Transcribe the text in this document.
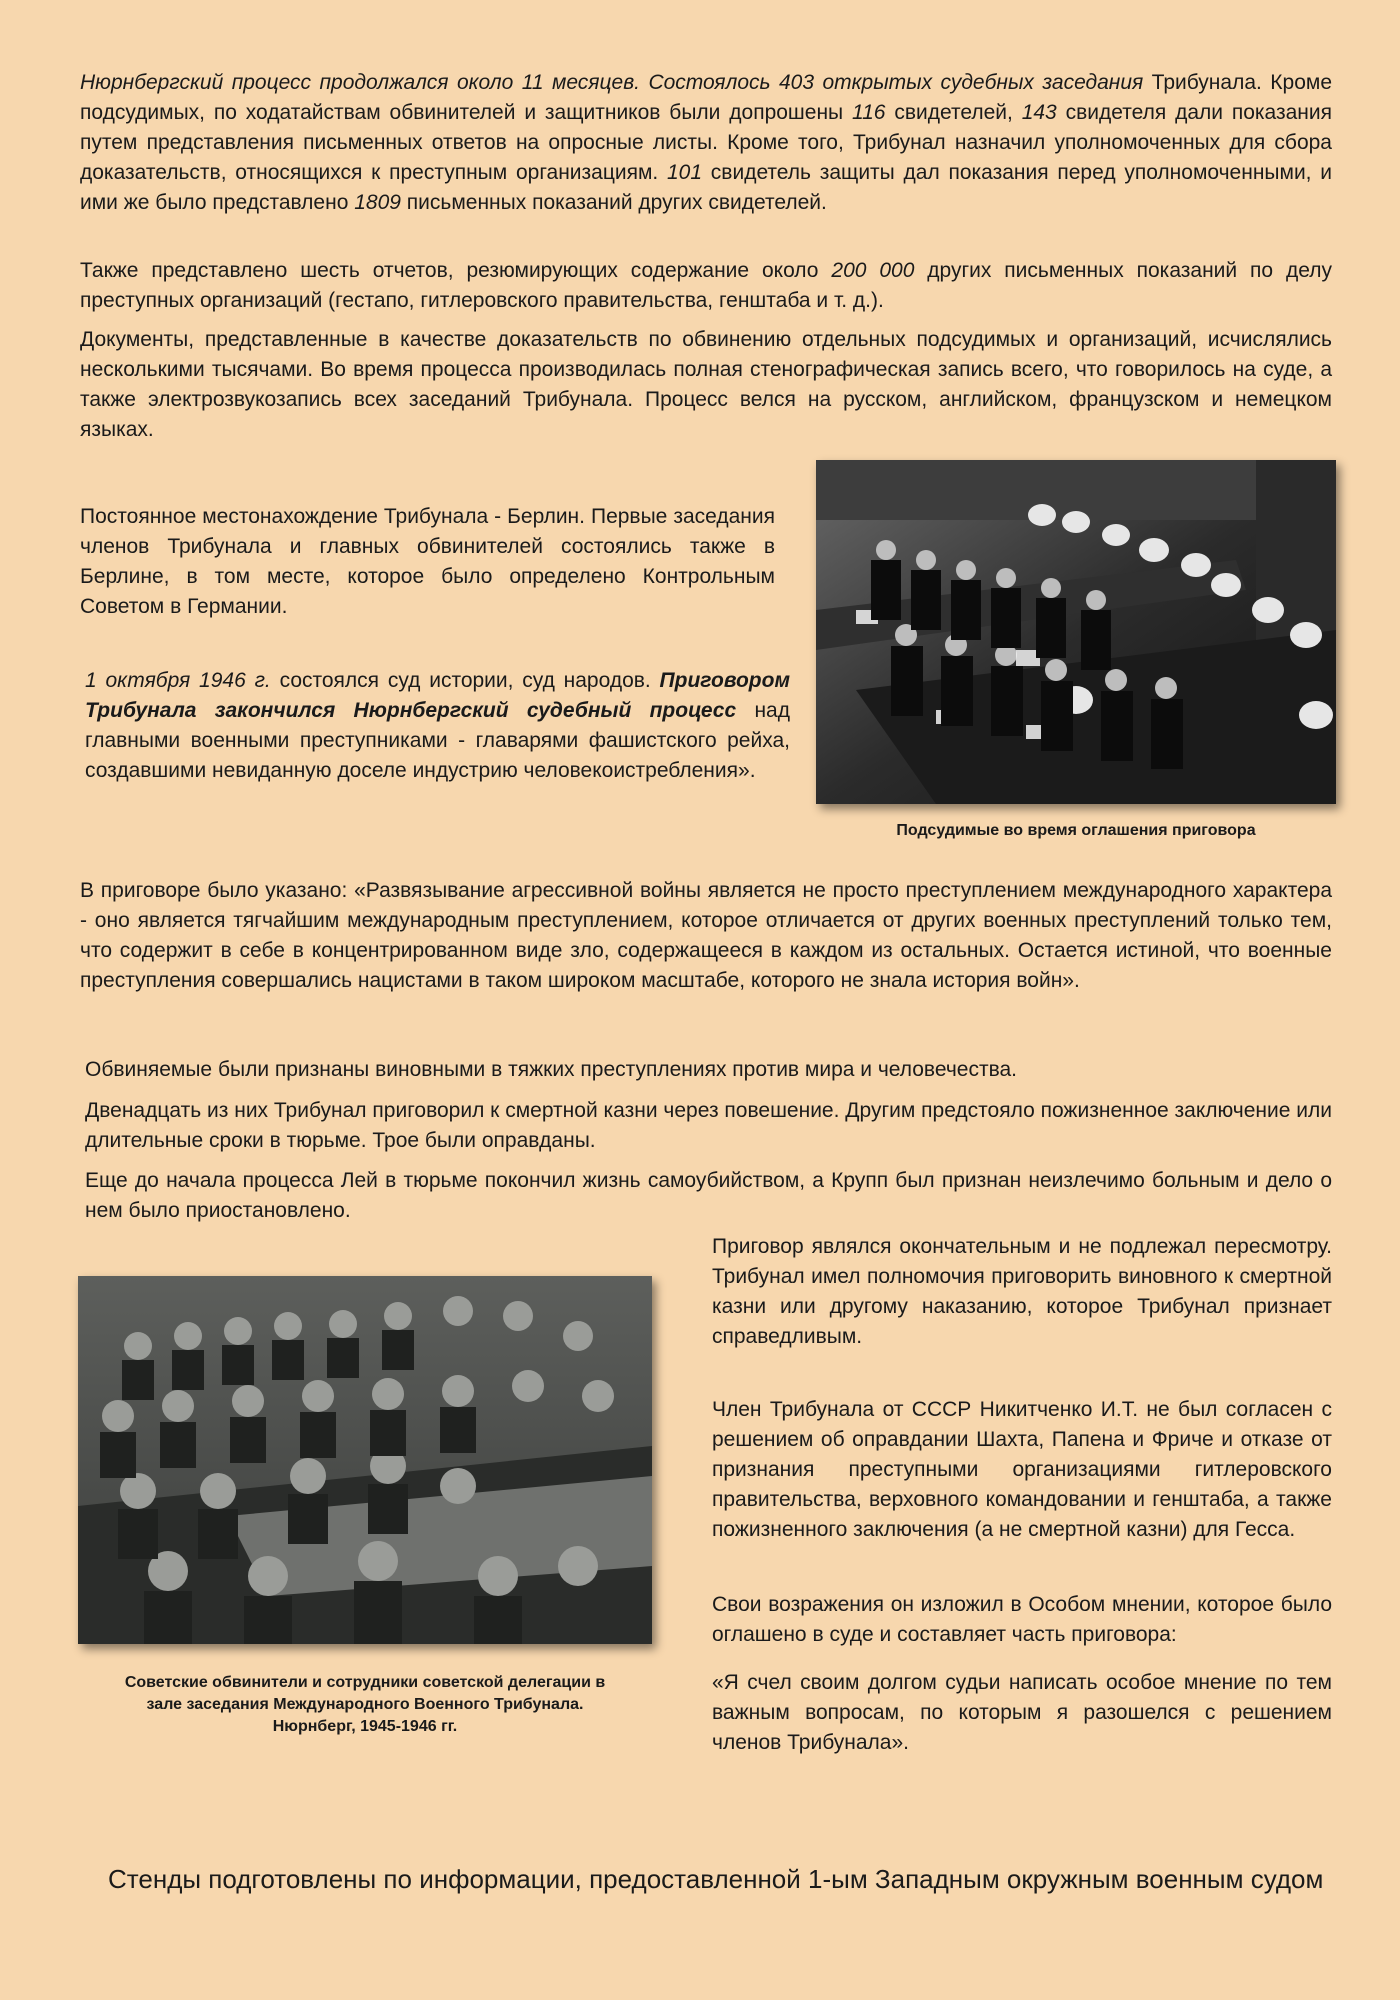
Нюрнбергский процесс продолжался около 11 месяцев. Состоялось 403 открытых судебных заседания Трибунала. Кроме подсудимых, по ходатайствам обвинителей и защитников были допрошены 116 свидетелей, 143 свидетеля дали показания путем представления письменных ответов на опросные листы. Кроме того, Трибунал назначил уполномоченных для сбора доказательств, относящихся к преступным организациям. 101 свидетель защиты дал показания перед уполномоченными, и ими же было представлено 1809 письменных показаний других свидетелей.

Также представлено шесть отчетов, резюмирующих содержание около 200 000 других письменных показаний по делу преступных организаций (гестапо, гитлеровского правительства, генштаба и т. д.).

Документы, представленные в качестве доказательств по обвинению отдельных подсудимых и организаций, исчислялись несколькими тысячами. Во время процесса производилась полная стенографическая запись всего, что говорилось на суде, а также электрозвукозапись всех заседаний Трибунала. Процесс велся на русском, английском, французском и немецком языках.

Подсудимые во время оглашения приговора

Постоянное местонахождение Трибунала - Берлин. Первые заседания членов Трибунала и главных обвинителей состоялись также в Берлине, в том месте, которое было определено Контрольным Советом в Германии.

1 октября 1946 г. состоялся суд истории, суд народов. Приговором Трибунала закончился Нюрнбергский судебный процесс над главными военными преступниками - главарями фашистского рейха, создавшими невиданную доселе индустрию человекоистребления».

В приговоре было указано: «Развязывание агрессивной войны является не просто преступлением международного характера - оно является тягчайшим международным преступлением, которое отличается от других военных преступлений только тем, что содержит в себе в концентрированном виде зло, содержащееся в каждом из остальных. Остается истиной, что военные преступления совершались нацистами в таком широком масштабе, которого не знала история войн».

Обвиняемые были признаны виновными в тяжких преступлениях против мира и человечества.

Двенадцать из них Трибунал приговорил к смертной казни через повешение. Другим предстояло пожизненное заключение или длительные сроки в тюрьме. Трое были оправданы.

Еще до начала процесса Лей в тюрьме покончил жизнь самоубийством, а Крупп был признан неизлечимо больным и дело о нем было приостановлено.

Приговор являлся окончательным и не подлежал пересмотру. Трибунал имел полномочия приговорить виновного к смертной казни или другому наказанию, которое Трибунал признает справедливым.

Советские обвинители и сотрудники советской делегации в
зале заседания Международного Военного Трибунала.
Нюрнберг, 1945-1946 гг.

Член Трибунала от СССР Никитченко И.Т. не был согласен с решением об оправдании Шахта, Папена и Фриче и отказе от признания преступными организациями гитлеровского правительства, верховного командовании и генштаба, а также пожизненного заключения (а не смертной казни) для Гесса.

Свои возражения он изложил в Особом мнении, которое было оглашено в суде и составляет часть приговора:

«Я счел своим долгом судьи написать особое мнение по тем важным вопросам, по которым я разошелся с решением членов Трибунала».

Стенды подготовлены по информации, предоставленной 1-ым Западным окружным военным судом
